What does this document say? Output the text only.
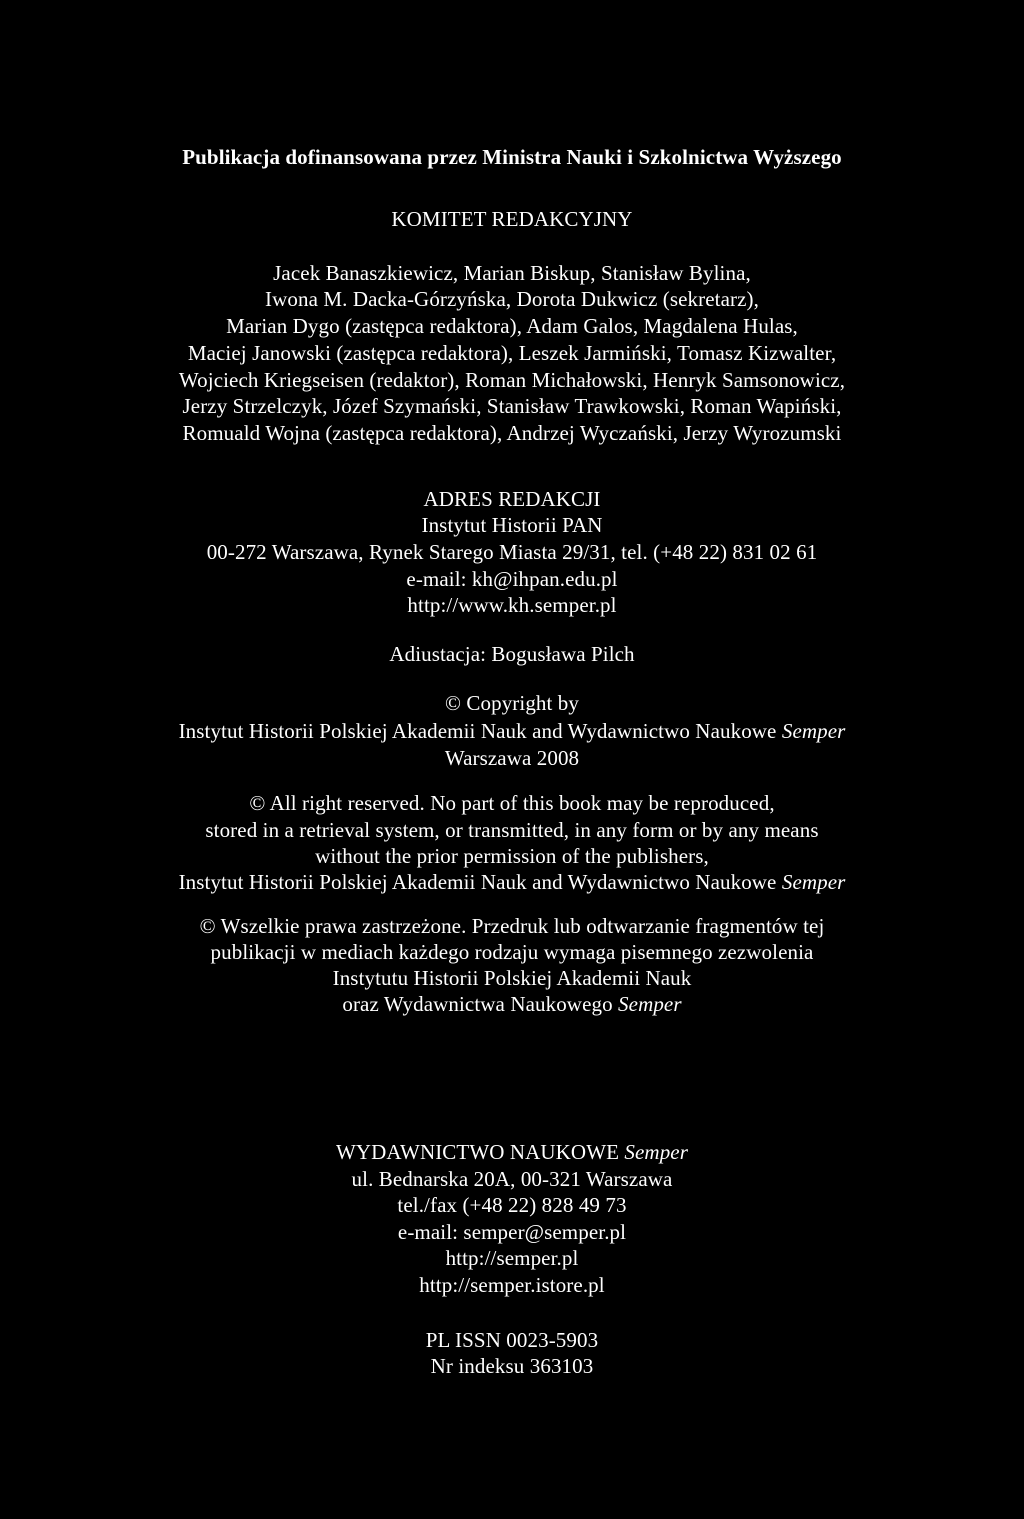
Publikacja dofinansowana przez Ministra Nauki i Szkolnictwa Wyższego
KOMITET REDAKCYJNY
Jacek Banaszkiewicz, Marian Biskup, Stanisław Bylina,
Iwona M. Dacka-Górzyńska, Dorota Dukwicz (sekretarz),
Marian Dygo (zastępca redaktora), Adam Galos, Magdalena Hulas,
Maciej Janowski (zastępca redaktora), Leszek Jarmiński, Tomasz Kizwalter,
Wojciech Kriegseisen (redaktor), Roman Michałowski, Henryk Samsonowicz,
Jerzy Strzelczyk, Józef Szymański, Stanisław Trawkowski, Roman Wapiński,
Romuald Wojna (zastępca redaktora), Andrzej Wyczański, Jerzy Wyrozumski
ADRES REDAKCJI
Instytut Historii PAN
00-272 Warszawa, Rynek Starego Miasta 29/31, tel. (+48 22) 831 02 61
e-mail: kh@ihpan.edu.pl
http://www.kh.semper.pl
Adiustacja: Bogusława Pilch
© Copyright by
Instytut Historii Polskiej Akademii Nauk and Wydawnictwo Naukowe Semper
Warszawa 2008
© All right reserved. No part of this book may be reproduced,
stored in a retrieval system, or transmitted, in any form or by any means
without the prior permission of the publishers,
Instytut Historii Polskiej Akademii Nauk and Wydawnictwo Naukowe Semper
© Wszelkie prawa zastrzeżone. Przedruk lub odtwarzanie fragmentów tej
publikacji w mediach każdego rodzaju wymaga pisemnego zezwolenia
Instytutu Historii Polskiej Akademii Nauk
oraz Wydawnictwa Naukowego Semper
WYDAWNICTWO NAUKOWE Semper
ul. Bednarska 20A, 00-321 Warszawa
tel./fax (+48 22) 828 49 73
e-mail: semper@semper.pl
http://semper.pl
http://semper.istore.pl
PL ISSN 0023-5903
Nr indeksu 363103
